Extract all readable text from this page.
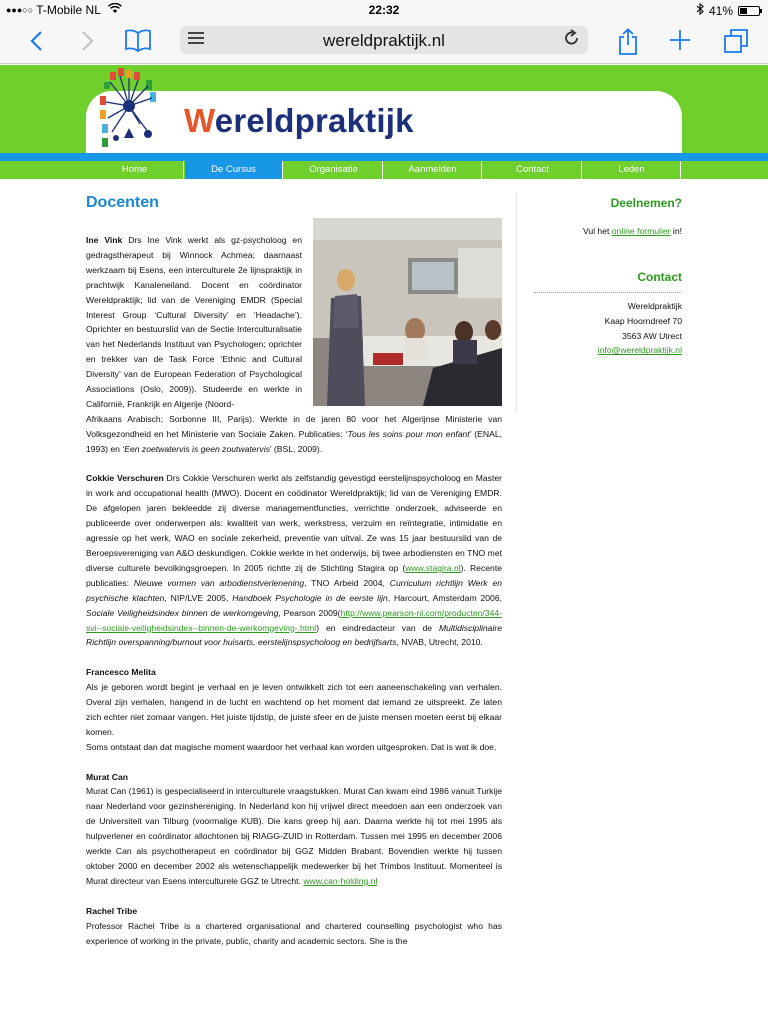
●●●○○ T-Mobile NL	22:32	41%
wereldpraktijk.nl
Wereldpraktijk
Home	De Cursus	Organisatie	Aanmelden	Contact	Leden
Docenten

Ine Vink Drs Ine Vink werkt als gz-psycholoog en gedragstherapeut bij Winnock Achmea; daarnaast werkzaam bij Esens, een interculturele 2e lijnspraktijk in prachtwijk Kanaleneiland. Docent en coördinator Wereldpraktijk; lid van de Vereniging EMDR (Special Interest Group ‘Cultural Diversity’ en ‘Headache’). Oprichter en bestuurslid van de Sectie Interculturalisatie van het Nederlands Instituut van Psychologen; oprichter en trekker van de Task Force ‘Ethnic and Cultural Diversity’ van de European Federation of Psychological Associations (Oslo, 2009)). Studeerde en werkte in Californië, Frankrijk en Algerije (Noord-

Afrikaans Arabisch; Sorbonne III, Parijs). Werkte in de jaren 80 voor het Algerijnse Ministerie van Volksgezondheid en het Ministerie van Sociale Zaken. Publicaties: ‘Tous les soins pour mon enfant’ (ENAL, 1993) en ‘Een zoetwatervis is geen zoutwatervis’ (BSL, 2009).

Cokkie Verschuren Drs Cokkie Verschuren werkt als zelfstandig gevestigd eerstelijnspsycholoog en Master in work and occupational health (MWO). Docent en coödinator Wereldpraktijk; lid van de Vereniging EMDR. De afgelopen jaren bekleedde zij diverse managementfuncties, verrichtte onderzoek, adviseerde en publiceerde over onderwerpen als: kwaliteit van werk, werkstress, verzuim en reïntegratie, intimidatie en agressie op het werk, WAO en sociale zekerheid, preventie van uitval. Ze was 15 jaar bestuurslid van de Beroepsvereniging van A&O deskundigen. Cokkie werkte in het onderwijs, bij twee arbodiensten en TNO met diverse culturele bevolkingsgroepen. In 2005 richtte zij de Stichting Stagira op (www.stagira.nl). Recente publicaties: Nieuwe vormen van arbodienstverlenening, TNO Arbeid 2004, Curriculum richtlijn Werk en psychische klachten, NIP/LVE 2005, Handboek Psychologie in de eerste lijn, Harcourt, Amsterdam 2006, Sociale Veiligheidsindex binnen de werkomgeving, Pearson 2009(http://www.pearson-nl.com/producten/344-svi--sociale-veiligheidsindex--binnen-de-werkomgeving-.html) en eindredacteur van de Multidisciplinaire Richtlijn overspanning/burnout voor huisarts, eerstelijnspsycholoog en bedrijfsarts, NVAB, Utrecht, 2010.

Francesco Melita

Als je geboren wordt begint je verhaal en je leven ontwikkelt zich tot een aaneenschakeling van verhalen. Overal zijn verhalen, hangend in de lucht en wachtend op het moment dat iemand ze uitspreekt. Ze laten zich echter niet zomaar vangen. Het juiste tijdstip, de juiste sfeer en de juiste mensen moeten eerst bij elkaar komen.

Soms ontstaat dan dat magische moment waardoor het verhaal kan worden uitgesproken. Dat is wat ik doe.

Murat Can

Murat Can (1961) is gespecialiseerd in interculturele vraagstukken. Murat Can kwam eind 1986 vanuit Turkije naar Nederland voor gezinshereniging. In Nederland kon hij vrijwel direct meedoen aan een onderzoek van de Universiteit van Tilburg (voormalige KUB). Die kans greep hij aan. Daarna werkte hij tot mei 1995 als hulpverlener en coördinator allochtonen bij RIAGG-ZUID in Rotterdam. Tussen mei 1995 en december 2006 werkte Can als psychotherapeut en coördinator bij GGZ Midden Brabant. Bovendien werkte hij tussen oktober 2000 en december 2002 als wetenschappelijk medewerker bij het Trimbos Instituut. Momenteel is Murat directeur van Esens interculturele GGZ te Utrecht. www.can-holding.nl

Rachel Tribe

Professor Rachel Tribe is a chartered organisational and chartered counselling psychologist who has experience of working in the private, public, charity and academic sectors. She is the

Deelnemen?
Vul het online formulier in!
Contact
Wereldpraktijk
Kaap Hoorndreef 70
3563 AW Utrect
info@wereldpraktijk.nl
